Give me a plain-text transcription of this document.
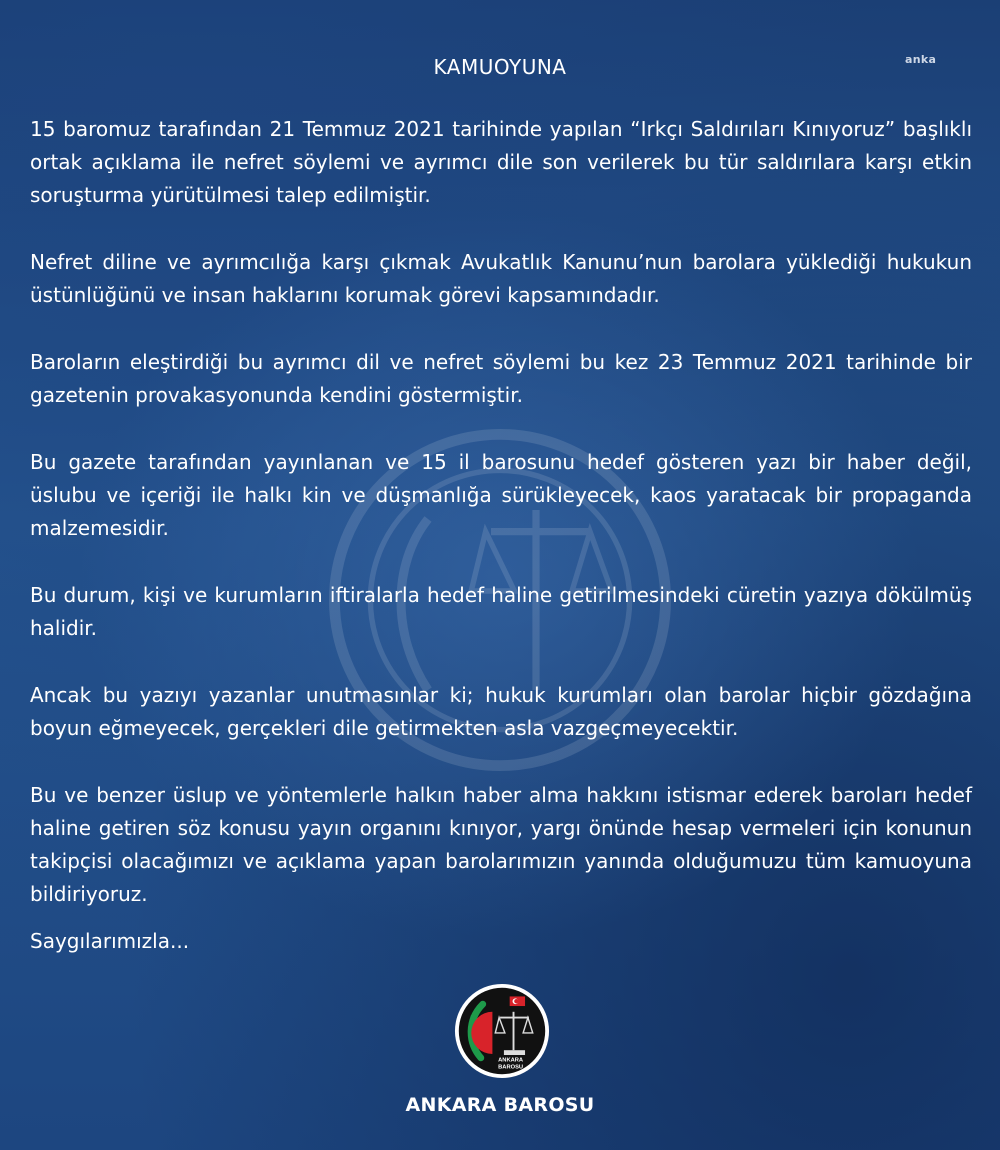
KAMUOYUNA	anka

15 baromuz tarafından 21 Temmuz 2021 tarihinde yapılan “Irkçı Saldırıları Kınıyoruz” başlıklı ortak açıklama ile nefret söylemi ve ayrımcı dile son verilerek bu tür saldırılara karşı etkin soruşturma yürütülmesi talep edilmiştir.

Nefret diline ve ayrımcılığa karşı çıkmak Avukatlık Kanunu’nun barolara yüklediği hukukun üstünlüğünü ve insan haklarını korumak görevi kapsamındadır.

Baroların eleştirdiği bu ayrımcı dil ve nefret söylemi bu kez 23 Temmuz 2021 tarihinde bir gazetenin provakasyonunda kendini göstermiştir.

Bu gazete tarafından yayınlanan ve 15 il barosunu hedef gösteren yazı bir haber değil, üslubu ve içeriği ile halkı kin ve düşmanlığa sürükleyecek, kaos yaratacak bir propaganda malzemesidir.

Bu durum, kişi ve kurumların iftiralarla hedef haline getirilmesindeki cüretin yazıya dökülmüş halidir.

Ancak bu yazıyı yazanlar unutmasınlar ki; hukuk kurumları olan barolar hiçbir gözdağına boyun eğmeyecek, gerçekleri dile getirmekten asla vazgeçmeyecektir.

Bu ve benzer üslup ve yöntemlerle halkın haber alma hakkını istismar ederek baroları hedef haline getiren söz konusu yayın organını kınıyor, yargı önünde hesap vermeleri için konunun takipçisi olacağımızı ve açıklama yapan barolarımızın yanında olduğumuzu tüm kamuoyuna bildiriyoruz.

Saygılarımızla...
ANKARA
BAROSU
ANKARA BAROSU
